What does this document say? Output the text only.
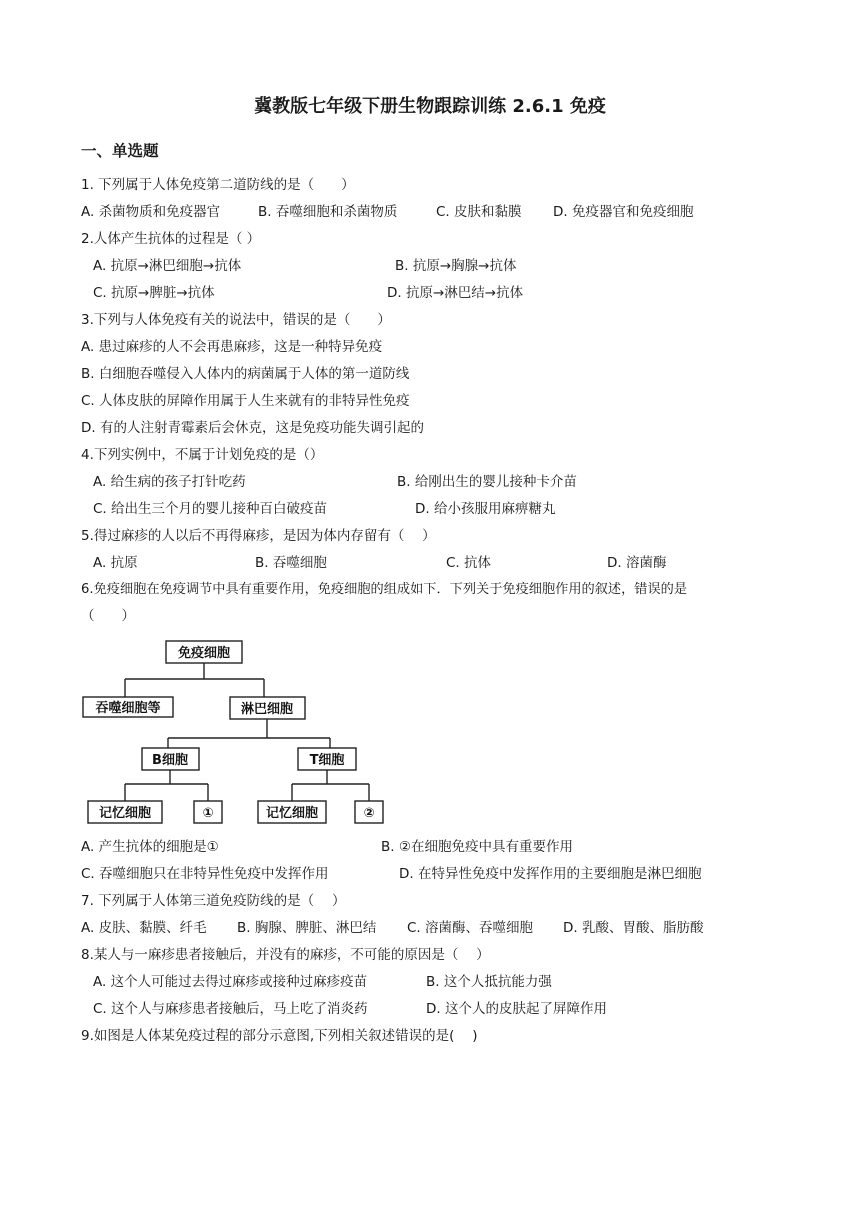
冀教版七年级下册生物跟踪训练 2.6.1 免疫
一、单选题
1. 下列属于人体免疫第二道防线的是（　　）
A. 杀菌物质和免疫器官	B. 吞噬细胞和杀菌物质	C. 皮肤和黏膜 D. 免疫器官和免疫细胞
2.人体产生抗体的过程是（ ）
A. 抗原→淋巴细胞→抗体	B. 抗原→胸腺→抗体
C. 抗原→脾脏→抗体	D. 抗原→淋巴结→抗体
3.下列与人体免疫有关的说法中，错误的是（　　）
A. 患过麻疹的人不会再患麻疹，这是一种特异免疫
B. 白细胞吞噬侵入人体内的病菌属于人体的第一道防线
C. 人体皮肤的屏障作用属于人生来就有的非特异性免疫
D. 有的人注射青霉素后会休克，这是免疫功能失调引起的
4.下列实例中，不属于计划免疫的是（）
A. 给生病的孩子打针吃药	B. 给刚出生的婴儿接种卡介苗
C. 给出生三个月的婴儿接种百白破疫苗	D. 给小孩服用麻痹糖丸
5.得过麻疹的人以后不再得麻疹，是因为体内存留有（　 ）
A. 抗原	B. 吞噬细胞	C. 抗体	D. 溶菌酶
6.免疫细胞在免疫调节中具有重要作用，免疫细胞的组成如下．下列关于免疫细胞作用的叙述，错误的是
（　　）
免疫细胞
吞噬细胞等	淋巴细胞
B细胞	T细胞
记忆细胞	①	记忆细胞	②
A. 产生抗体的细胞是①	B. ②在细胞免疫中具有重要作用
C. 吞噬细胞只在非特异性免疫中发挥作用	D. 在特异性免疫中发挥作用的主要细胞是淋巴细胞
7. 下列属于人体第三道免疫防线的是（　 ）
A. 皮肤、黏膜、纤毛 B. 胸腺、脾脏、淋巴结 C. 溶菌酶、吞噬细胞 D. 乳酸、胃酸、脂肪酸
8.某人与一麻疹患者接触后，并没有的麻疹，不可能的原因是（　 ）
A. 这个人可能过去得过麻疹或接种过麻疹疫苗	B. 这个人抵抗能力强
C. 这个人与麻疹患者接触后，马上吃了消炎药	D. 这个人的皮肤起了屏障作用
9.如图是人体某免疫过程的部分示意图,下列相关叙述错误的是(　 )
